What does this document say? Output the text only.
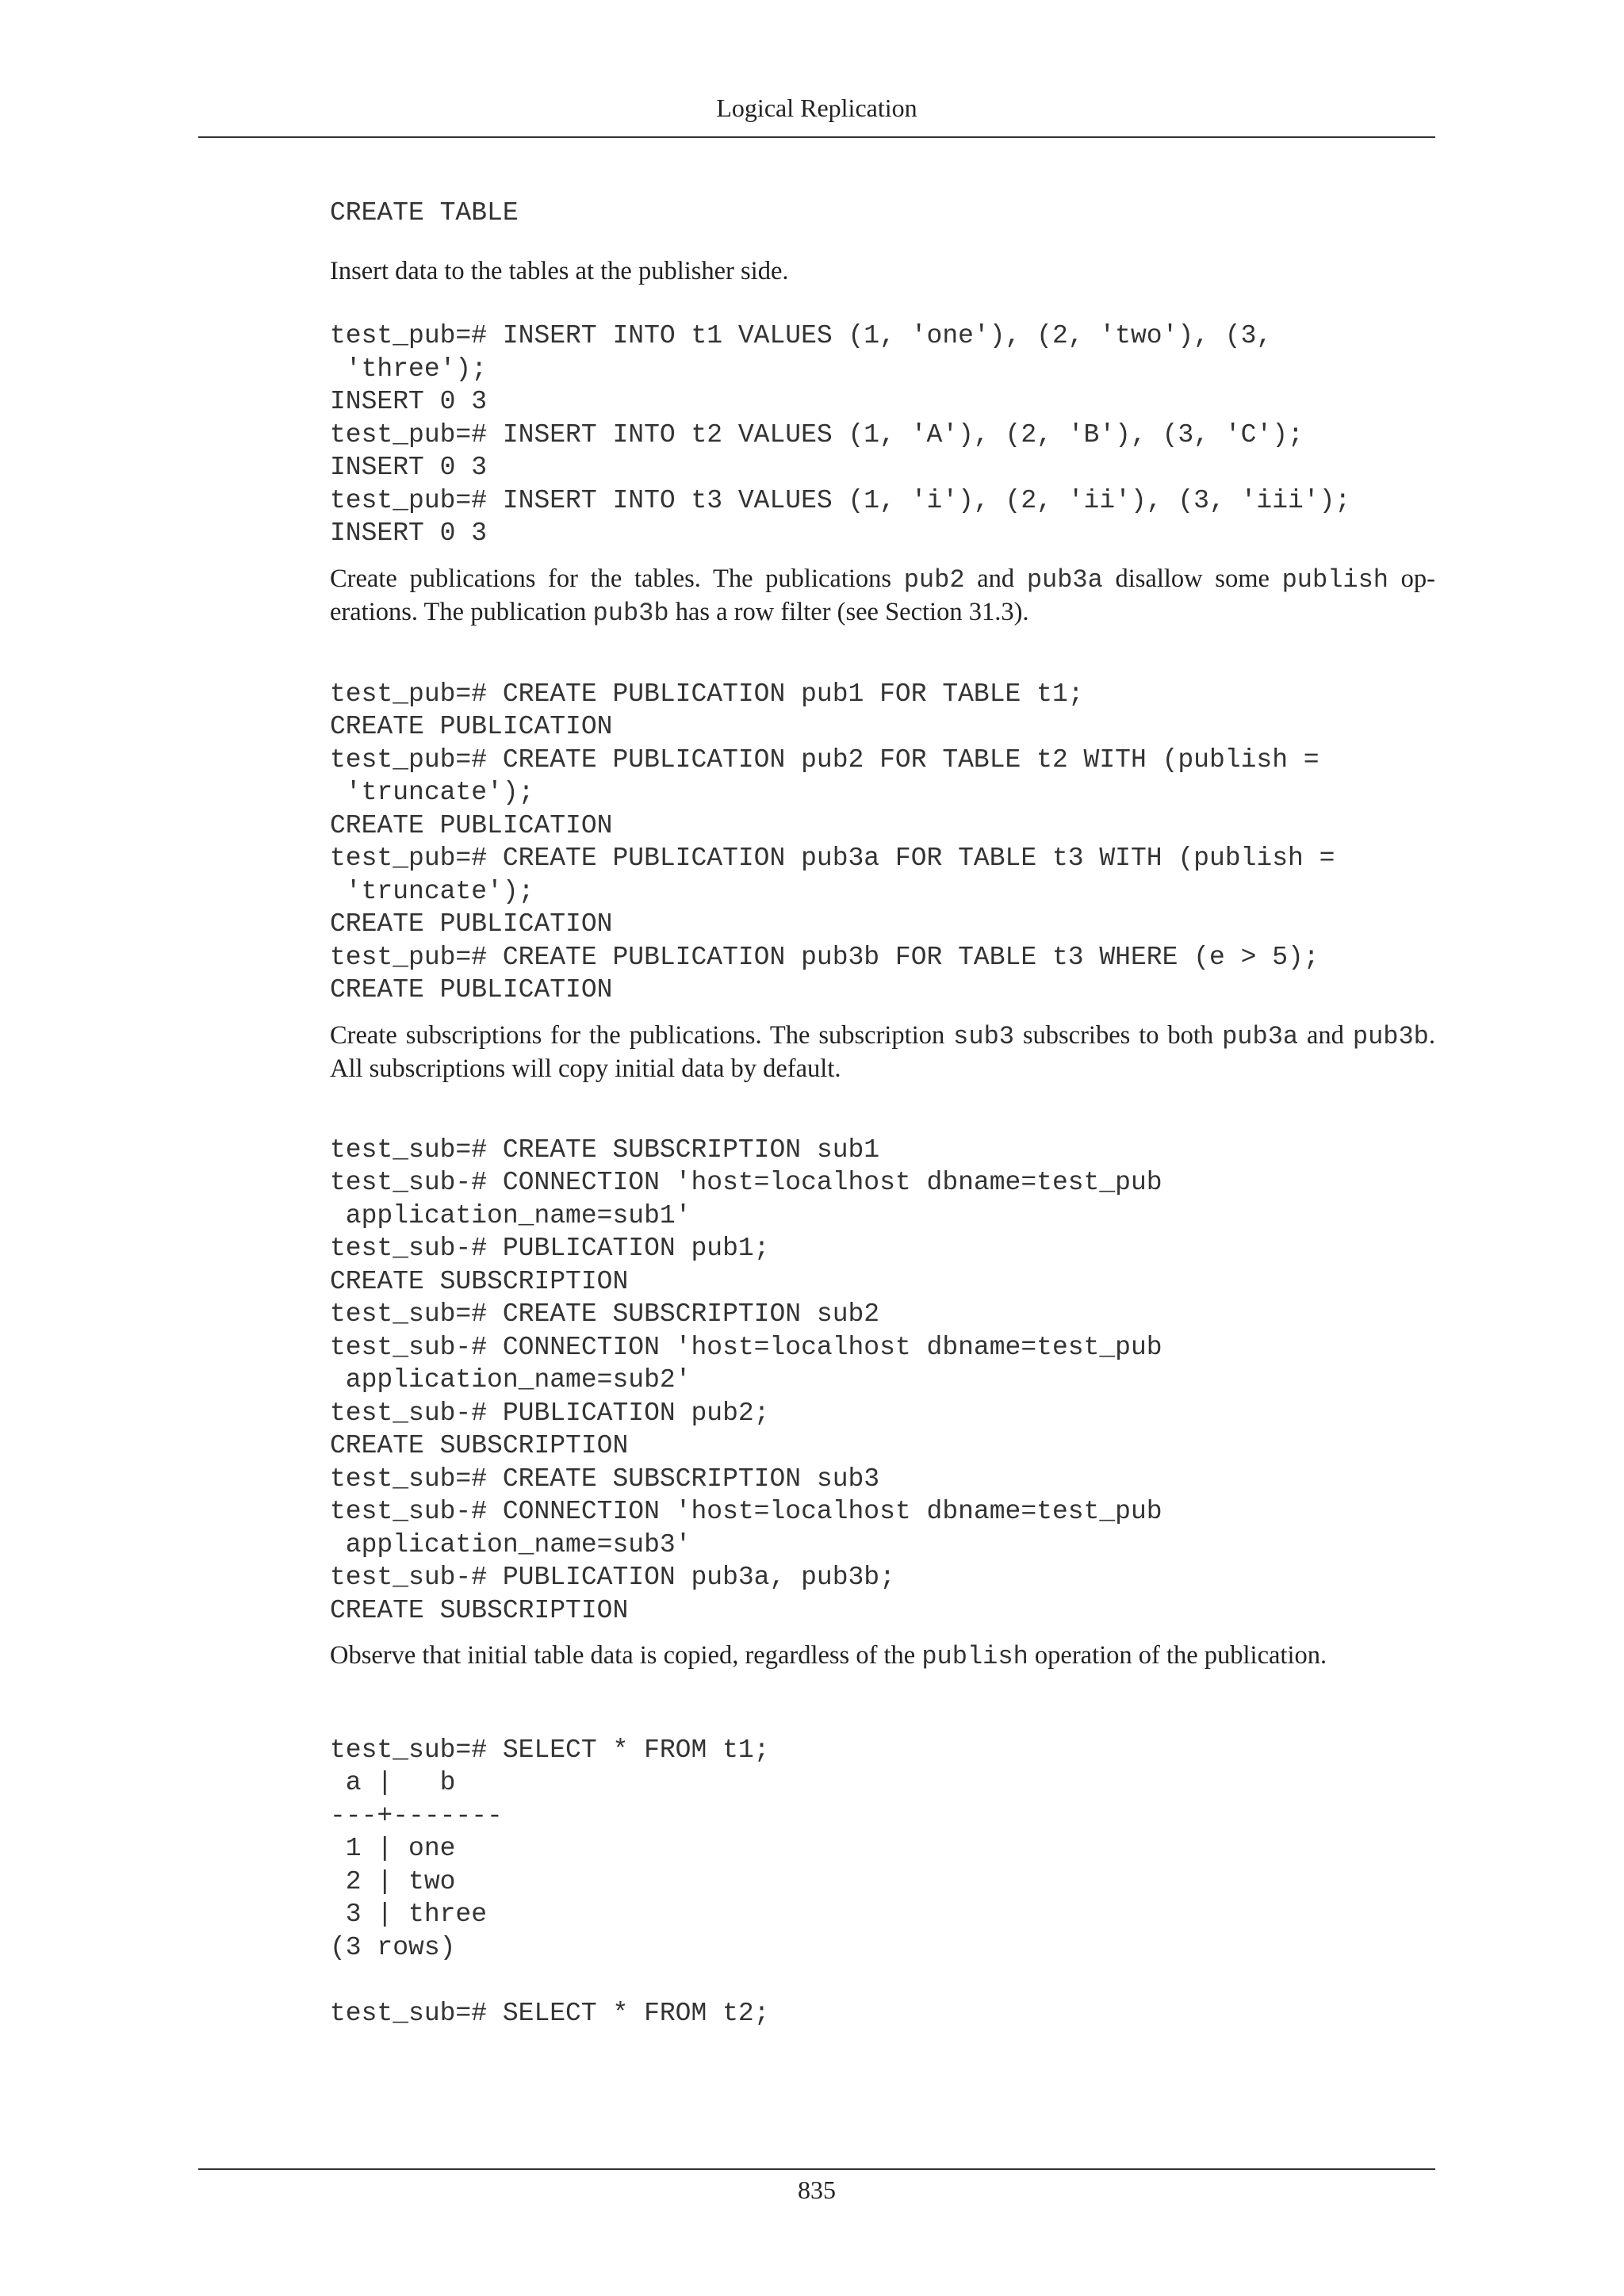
Logical Replication

CREATE TABLE

Insert data to the tables at the publisher side.

test_pub=# INSERT INTO t1 VALUES (1, 'one'), (2, 'two'), (3,
'three');
INSERT 0 3
test_pub=# INSERT INTO t2 VALUES (1, 'A'), (2, 'B'), (3, 'C');
INSERT 0 3
test_pub=# INSERT INTO t3 VALUES (1, 'i'), (2, 'ii'), (3, 'iii');
INSERT 0 3

Create publications for the tables. The publications pub2 and pub3a disallow some publish op-erations. The publication pub3b has a row filter (see Section 31.3).

test_pub=# CREATE PUBLICATION pub1 FOR TABLE t1;
CREATE PUBLICATION
test_pub=# CREATE PUBLICATION pub2 FOR TABLE t2 WITH (publish =
'truncate');
CREATE PUBLICATION
test_pub=# CREATE PUBLICATION pub3a FOR TABLE t3 WITH (publish =
'truncate');
CREATE PUBLICATION
test_pub=# CREATE PUBLICATION pub3b FOR TABLE t3 WHERE (e > 5);
CREATE PUBLICATION

Create subscriptions for the publications. The subscription sub3 subscribes to both pub3a and pub3b. All subscriptions will copy initial data by default.

test_sub=# CREATE SUBSCRIPTION sub1
test_sub-# CONNECTION 'host=localhost dbname=test_pub
application_name=sub1'
test_sub-# PUBLICATION pub1;
CREATE SUBSCRIPTION
test_sub=# CREATE SUBSCRIPTION sub2
test_sub-# CONNECTION 'host=localhost dbname=test_pub
application_name=sub2'
test_sub-# PUBLICATION pub2;
CREATE SUBSCRIPTION
test_sub=# CREATE SUBSCRIPTION sub3
test_sub-# CONNECTION 'host=localhost dbname=test_pub
application_name=sub3'
test_sub-# PUBLICATION pub3a, pub3b;
CREATE SUBSCRIPTION

Observe that initial table data is copied, regardless of the publish operation of the publication.

test_sub=# SELECT * FROM t1;
a |   b
---+-------
1 | one
2 | two
3 | three
(3 rows)

test_sub=# SELECT * FROM t2;
835
